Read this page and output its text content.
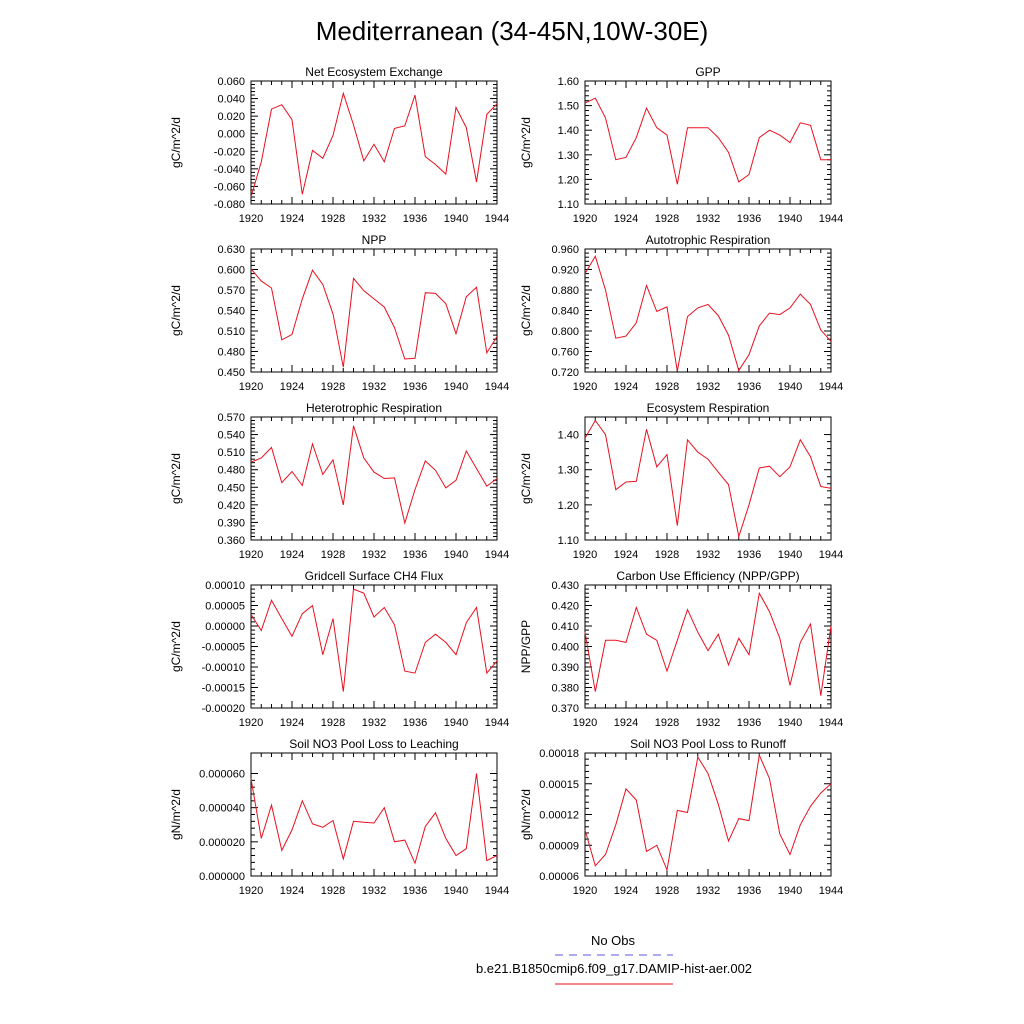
Mediterranean (34-45N,10W-30E)
Net Ecosystem Exchange
1920 1924 1928 1932 1936 1940 1944
-0.080
-0.060
-0.040
-0.020
0.000
0.020
0.040
0.060
gC/m^2/d
GPP
1920 1924 1928 1932 1936 1940 1944
1.10
1.20
1.30
1.40
1.50
1.60
gC/m^2/d
NPP
1920 1924 1928 1932 1936 1940 1944
0.450
0.480
0.510
0.540
0.570
0.600
0.630
gC/m^2/d
Autotrophic Respiration
1920 1924 1928 1932 1936 1940 1944
0.720
0.760
0.800
0.840
0.880
0.920
0.960
gC/m^2/d
Heterotrophic Respiration
1920 1924 1928 1932 1936 1940 1944
0.360
0.390
0.420
0.450
0.480
0.510
0.540
0.570
gC/m^2/d
Ecosystem Respiration
1920 1924 1928 1932 1936 1940 1944
1.10
1.20
1.30
1.40
gC/m^2/d
Gridcell Surface CH4 Flux
1920 1924 1928 1932 1936 1940 1944
-0.00020
-0.00015
-0.00010
-0.00005
0.00000
0.00005
0.00010
gC/m^2/d
Carbon Use Efficiency (NPP/GPP)
1920 1924 1928 1932 1936 1940 1944
0.370
0.380
0.390
0.400
0.410
0.420
0.430
NPP/GPP
Soil NO3 Pool Loss to Leaching
1920 1924 1928 1932 1936 1940 1944
0.000000
0.000020
0.000040
0.000060
gN/m^2/d
Soil NO3 Pool Loss to Runoff
1920 1924 1928 1932 1936 1940 1944
0.00006
0.00009
0.00012
0.00015
0.00018
gN/m^2/d
No Obs
b.e21.B1850cmip6.f09_g17.DAMIP-hist-aer.002
